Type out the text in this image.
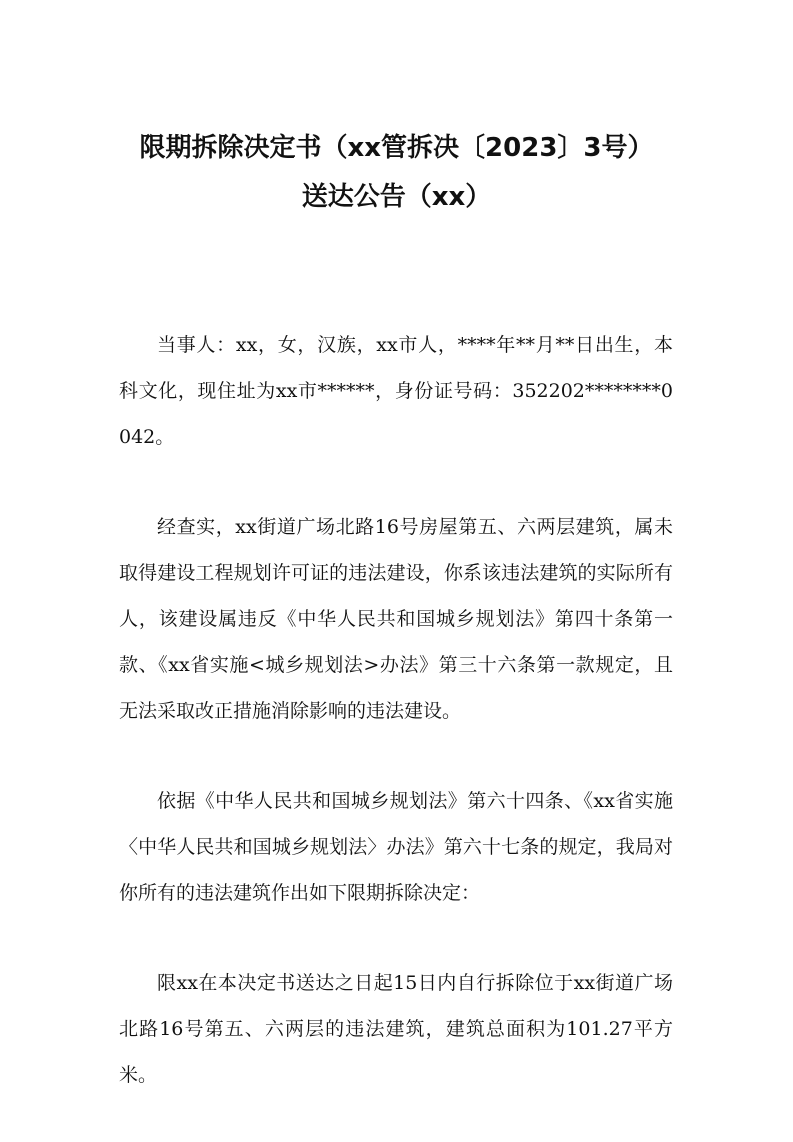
限期拆除决定书（xx管拆决〔2023〕3号）
送达公告（xx）

当事人：xx，女，汉族，xx市人，****年**月**日出生，本科文化，现住址为xx市******，身份证号码：352202********0042。

经查实，xx街道广场北路16号房屋第五、六两层建筑，属未取得建设工程规划许可证的违法建设，你系该违法建筑的实际所有人，该建设属违反《中华人民共和国城乡规划法》第四十条第一款、《xx省实施<城乡规划法>办法》第三十六条第一款规定，且无法采取改正措施消除影响的违法建设。

依据《中华人民共和国城乡规划法》第六十四条、《xx省实施〈中华人民共和国城乡规划法〉办法》第六十七条的规定，我局对你所有的违法建筑作出如下限期拆除决定：

限xx在本决定书送达之日起15日内自行拆除位于xx街道广场北路16号第五、六两层的违法建筑，建筑总面积为101.27平方米。
